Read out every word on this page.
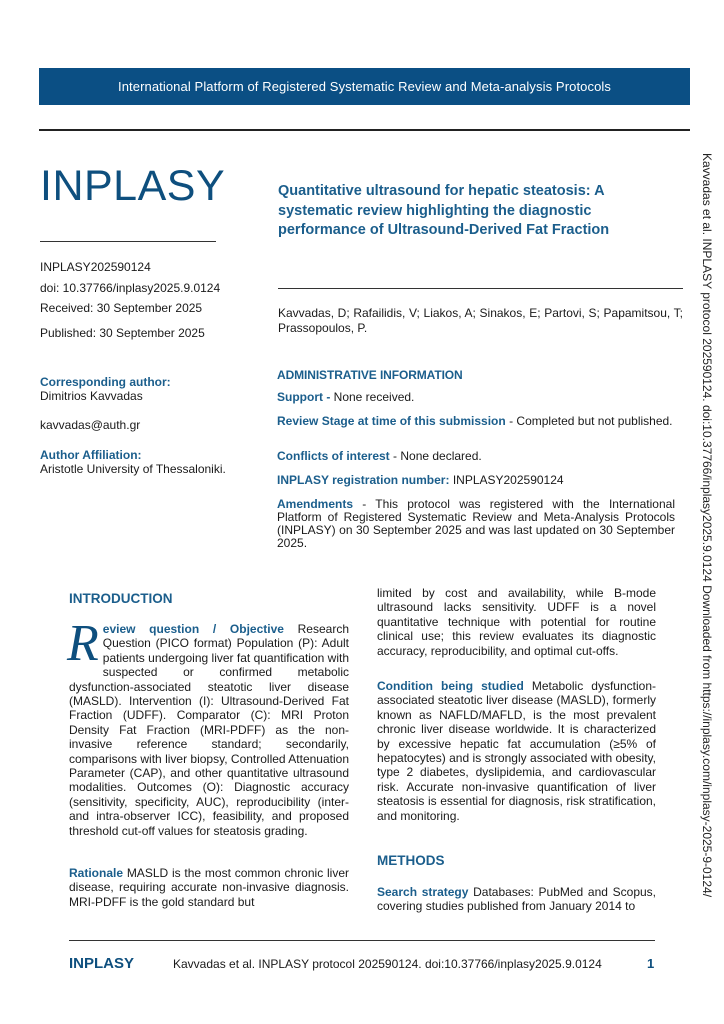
International Platform of Registered Systematic Review and Meta-analysis Protocols
INPLASY
INPLASY202590124
doi: 10.37766/inplasy2025.9.0124
Received: 30 September 2025
Published: 30 September 2025
Quantitative ultrasound for hepatic steatosis: A systematic review highlighting the diagnostic performance of Ultrasound-Derived Fat Fraction
Kavvadas, D; Rafailidis, V; Liakos, A; Sinakos, E; Partovi, S; Papamitsou, T; Prassopoulos, P.
Corresponding author:
Dimitrios Kavvadas
kavvadas@auth.gr
Author Affiliation:
Aristotle University of Thessaloniki.
ADMINISTRATIVE INFORMATION
Support - None received.
Review Stage at time of this submission - Completed but not published.
Conflicts of interest - None declared.
INPLASY registration number: INPLASY202590124
Amendments - This protocol was registered with the International Platform of Registered Systematic Review and Meta-Analysis Protocols (INPLASY) on 30 September 2025 and was last updated on 30 September 2025.
INTRODUCTION
Review question / Objective Research Question (PICO format) Population (P): Adult patients undergoing liver fat quantification with suspected or confirmed metabolic dysfunction-associated steatotic liver disease (MASLD). Intervention (I): Ultrasound-Derived Fat Fraction (UDFF). Comparator (C): MRI Proton Density Fat Fraction (MRI-PDFF) as the non-invasive reference standard; secondarily, comparisons with liver biopsy, Controlled Attenuation Parameter (CAP), and other quantitative ultrasound modalities. Outcomes (O): Diagnostic accuracy (sensitivity, specificity, AUC), reproducibility (inter- and intra-observer ICC), feasibility, and proposed threshold cut-off values for steatosis grading.
Rationale MASLD is the most common chronic liver disease, requiring accurate non-invasive diagnosis. MRI-PDFF is the gold standard but
limited by cost and availability, while B-mode ultrasound lacks sensitivity. UDFF is a novel quantitative technique with potential for routine clinical use; this review evaluates its diagnostic accuracy, reproducibility, and optimal cut-offs.
Condition being studied Metabolic dysfunction-associated steatotic liver disease (MASLD), formerly known as NAFLD/MAFLD, is the most prevalent chronic liver disease worldwide. It is characterized by excessive hepatic fat accumulation (≥5% of hepatocytes) and is strongly associated with obesity, type 2 diabetes, dyslipidemia, and cardiovascular risk. Accurate non-invasive quantification of liver steatosis is essential for diagnosis, risk stratification, and monitoring.
METHODS
Search strategy Databases: PubMed and Scopus, covering studies published from January 2014 to
INPLASY	Kavvadas et al. INPLASY protocol 202590124. doi:10.37766/inplasy2025.9.0124	1
Kavvadas et al. INPLASY protocol 202590124. doi:10.37766/inplasy2025.9.0124 Downloaded from https://inplasy.com/inplasy-2025-9-0124/
